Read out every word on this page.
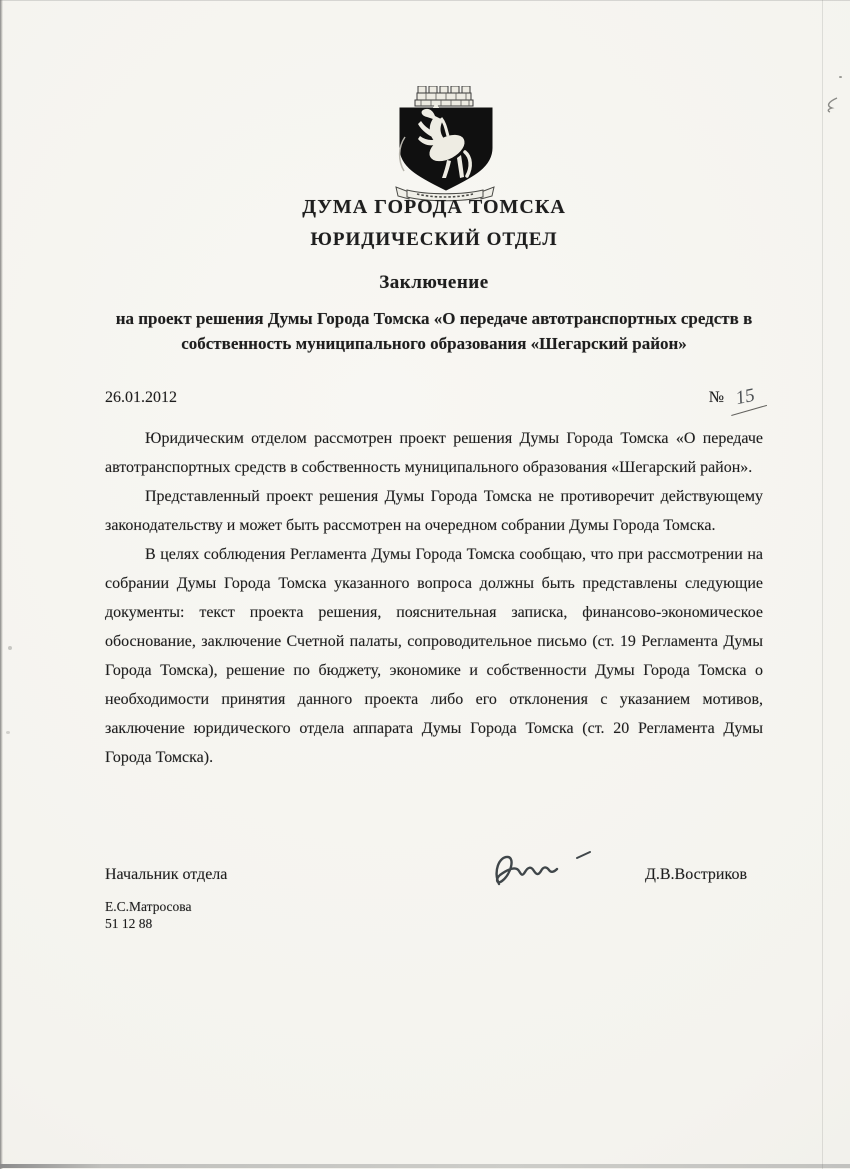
ДУМА ГОРОДА ТОМСКА
ЮРИДИЧЕСКИЙ ОТДЕЛ
Заключение
на проект решения Думы Города Томска «О передаче автотранспортных средств в собственность муниципального образования «Шегарский район»
26.01.2012	№ 15

Юридическим отделом рассмотрен проект решения Думы Города Томска «О передаче автотранспортных средств в собственность муниципального образования «Шегарский район».

Представленный проект решения Думы Города Томска не противоречит действующему законодательству и может быть рассмотрен на очередном собрании Думы Города Томска.

В целях соблюдения Регламента Думы Города Томска сообщаю, что при рассмотрении на собрании Думы Города Томска указанного вопроса должны быть представлены следующие документы: текст проекта решения, пояснительная записка, финансово-экономическое обоснование, заключение Счетной палаты, сопроводительное письмо (ст. 19 Регламента Думы Города Томска), решение по бюджету, экономике и собственности Думы Города Томска о необходимости принятия данного проекта либо его отклонения с указанием мотивов, заключение юридического отдела аппарата Думы Города Томска (ст. 20 Регламента Думы Города Томска).

Начальник отдела	Д.В.Востриков
Е.С.Матросова
51 12 88
